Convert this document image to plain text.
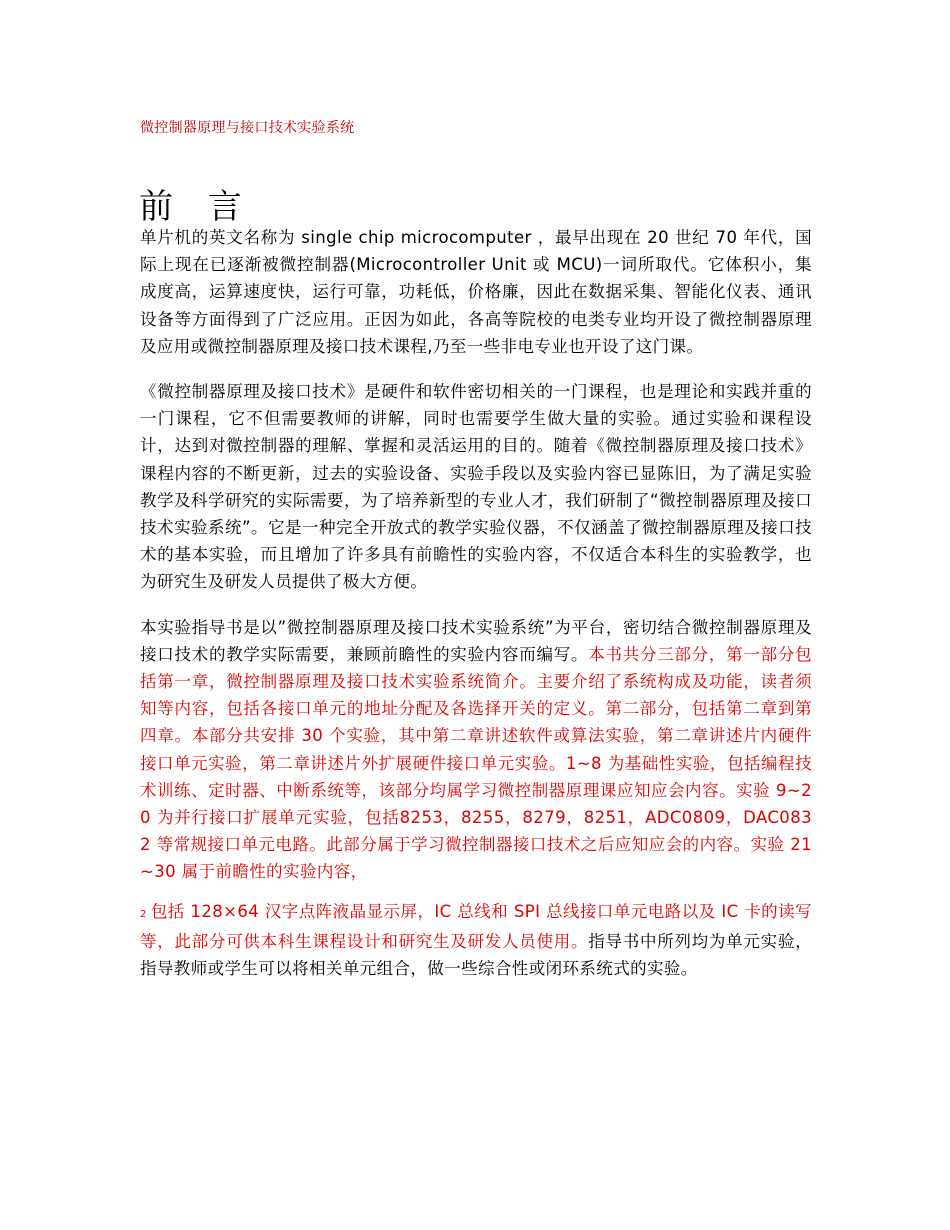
微控制器原理与接口技术实验系统
前 言

单片机的英文名称为 single chip microcomputer ，最早出现在 20 世纪 70 年代，国际上现在已逐渐被微控制器(Microcontroller Unit 或 MCU)一词所取代。它体积小，集成度高，运算速度快，运行可靠，功耗低，价格廉，因此在数据采集、智能化仪表、通讯设备等方面得到了广泛应用。正因为如此，各高等院校的电类专业均开设了微控制器原理及应用或微控制器原理及接口技术课程,乃至一些非电专业也开设了这门课。

《微控制器原理及接口技术》是硬件和软件密切相关的一门课程，也是理论和实践并重的一门课程，它不但需要教师的讲解，同时也需要学生做大量的实验。通过实验和课程设计，达到对微控制器的理解、掌握和灵活运用的目的。随着《微控制器原理及接口技术》课程内容的不断更新，过去的实验设备、实验手段以及实验内容已显陈旧，为了满足实验教学及科学研究的实际需要，为了培养新型的专业人才，我们研制了“微控制器原理及接口技术实验系统”。它是一种完全开放式的教学实验仪器，不仅涵盖了微控制器原理及接口技术的基本实验，而且增加了许多具有前瞻性的实验内容，不仅适合本科生的实验教学，也为研究生及研发人员提供了极大方便。

本实验指导书是以”微控制器原理及接口技术实验系统”为平台，密切结合微控制器原理及接口技术的教学实际需要，兼顾前瞻性的实验内容而编写。本书共分三部分，第一部分包括第一章，微控制器原理及接口技术实验系统简介。主要介绍了系统构成及功能，读者须知等内容，包括各接口单元的地址分配及各选择开关的定义。第二部分，包括第二章到第四章。本部分共安排 30 个实验，其中第二章讲述软件或算法实验，第二章讲述片内硬件接口单元实验，第二章讲述片外扩展硬件接口单元实验。1~8 为基础性实验，包括编程技术训练、定时器、中断系统等，该部分均属学习微控制器原理课应知应会内容。实验 9~20 为并行接口扩展单元实验，包括8253，8255，8279，8251，ADC0809，DAC0832 等常规接口单元电路。此部分属于学习微控制器接口技术之后应知应会的内容。实验 21~30 属于前瞻性的实验内容，

2 包括 128×64 汉字点阵液晶显示屏，IC 总线和 SPI 总线接口单元电路以及 IC 卡的读写等，此部分可供本科生课程设计和研究生及研发人员使用。指导书中所列均为单元实验，指导教师或学生可以将相关单元组合，做一些综合性或闭环系统式的实验。
